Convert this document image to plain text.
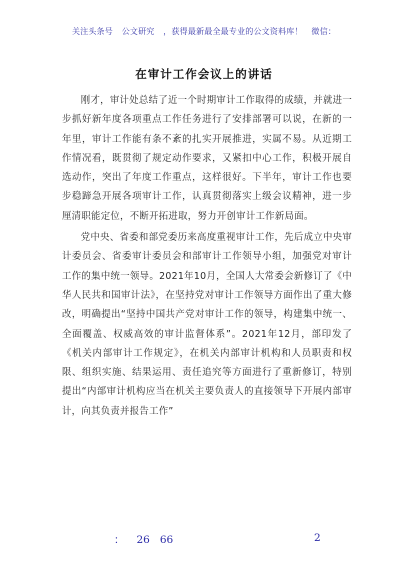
关注头条号 公文研究 ，获得最新最全最专业的公文资料库！ 微信：
在审计工作会议上的讲话

刚才，审计处总结了近一个时期审计工作取得的成绩，并就进一步抓好新年度各项重点工作任务进行了安排部署可以说，在新的一年里，审计工作能有条不紊的扎实开展推进，实属不易。从近期工作情况看，既贯彻了规定动作要求，又紧扣中心工作，积极开展自选动作，突出了年度工作重点，这样很好。下半年，审计工作也要步稳蹄急开展各项审计工作，认真贯彻落实上级会议精神，进一步厘清职能定位，不断开拓进取，努力开创审计工作新局面。

党中央、省委和部党委历来高度重视审计工作，先后成立中央审计委员会、省委审计委员会和部审计工作领导小组，加强党对审计工作的集中统一领导。2021年10月，全国人大常委会新修订了《中华人民共和国审计法》，在坚持党对审计工作领导方面作出了重大修改，明确提出“坚持中国共产党对审计工作的领导，构建集中统一、全面覆盖、权威高效的审计监督体系”。2021年12月，部印发了《机关内部审计工作规定》，在机关内部审计机构和人员职责和权限、组织实施、结果运用、责任追究等方面进行了重新修订，特别提出“内部审计机构应当在机关主要负责人的直接领导下开展内部审计，向其负责并报告工作”

： 26 66	2
